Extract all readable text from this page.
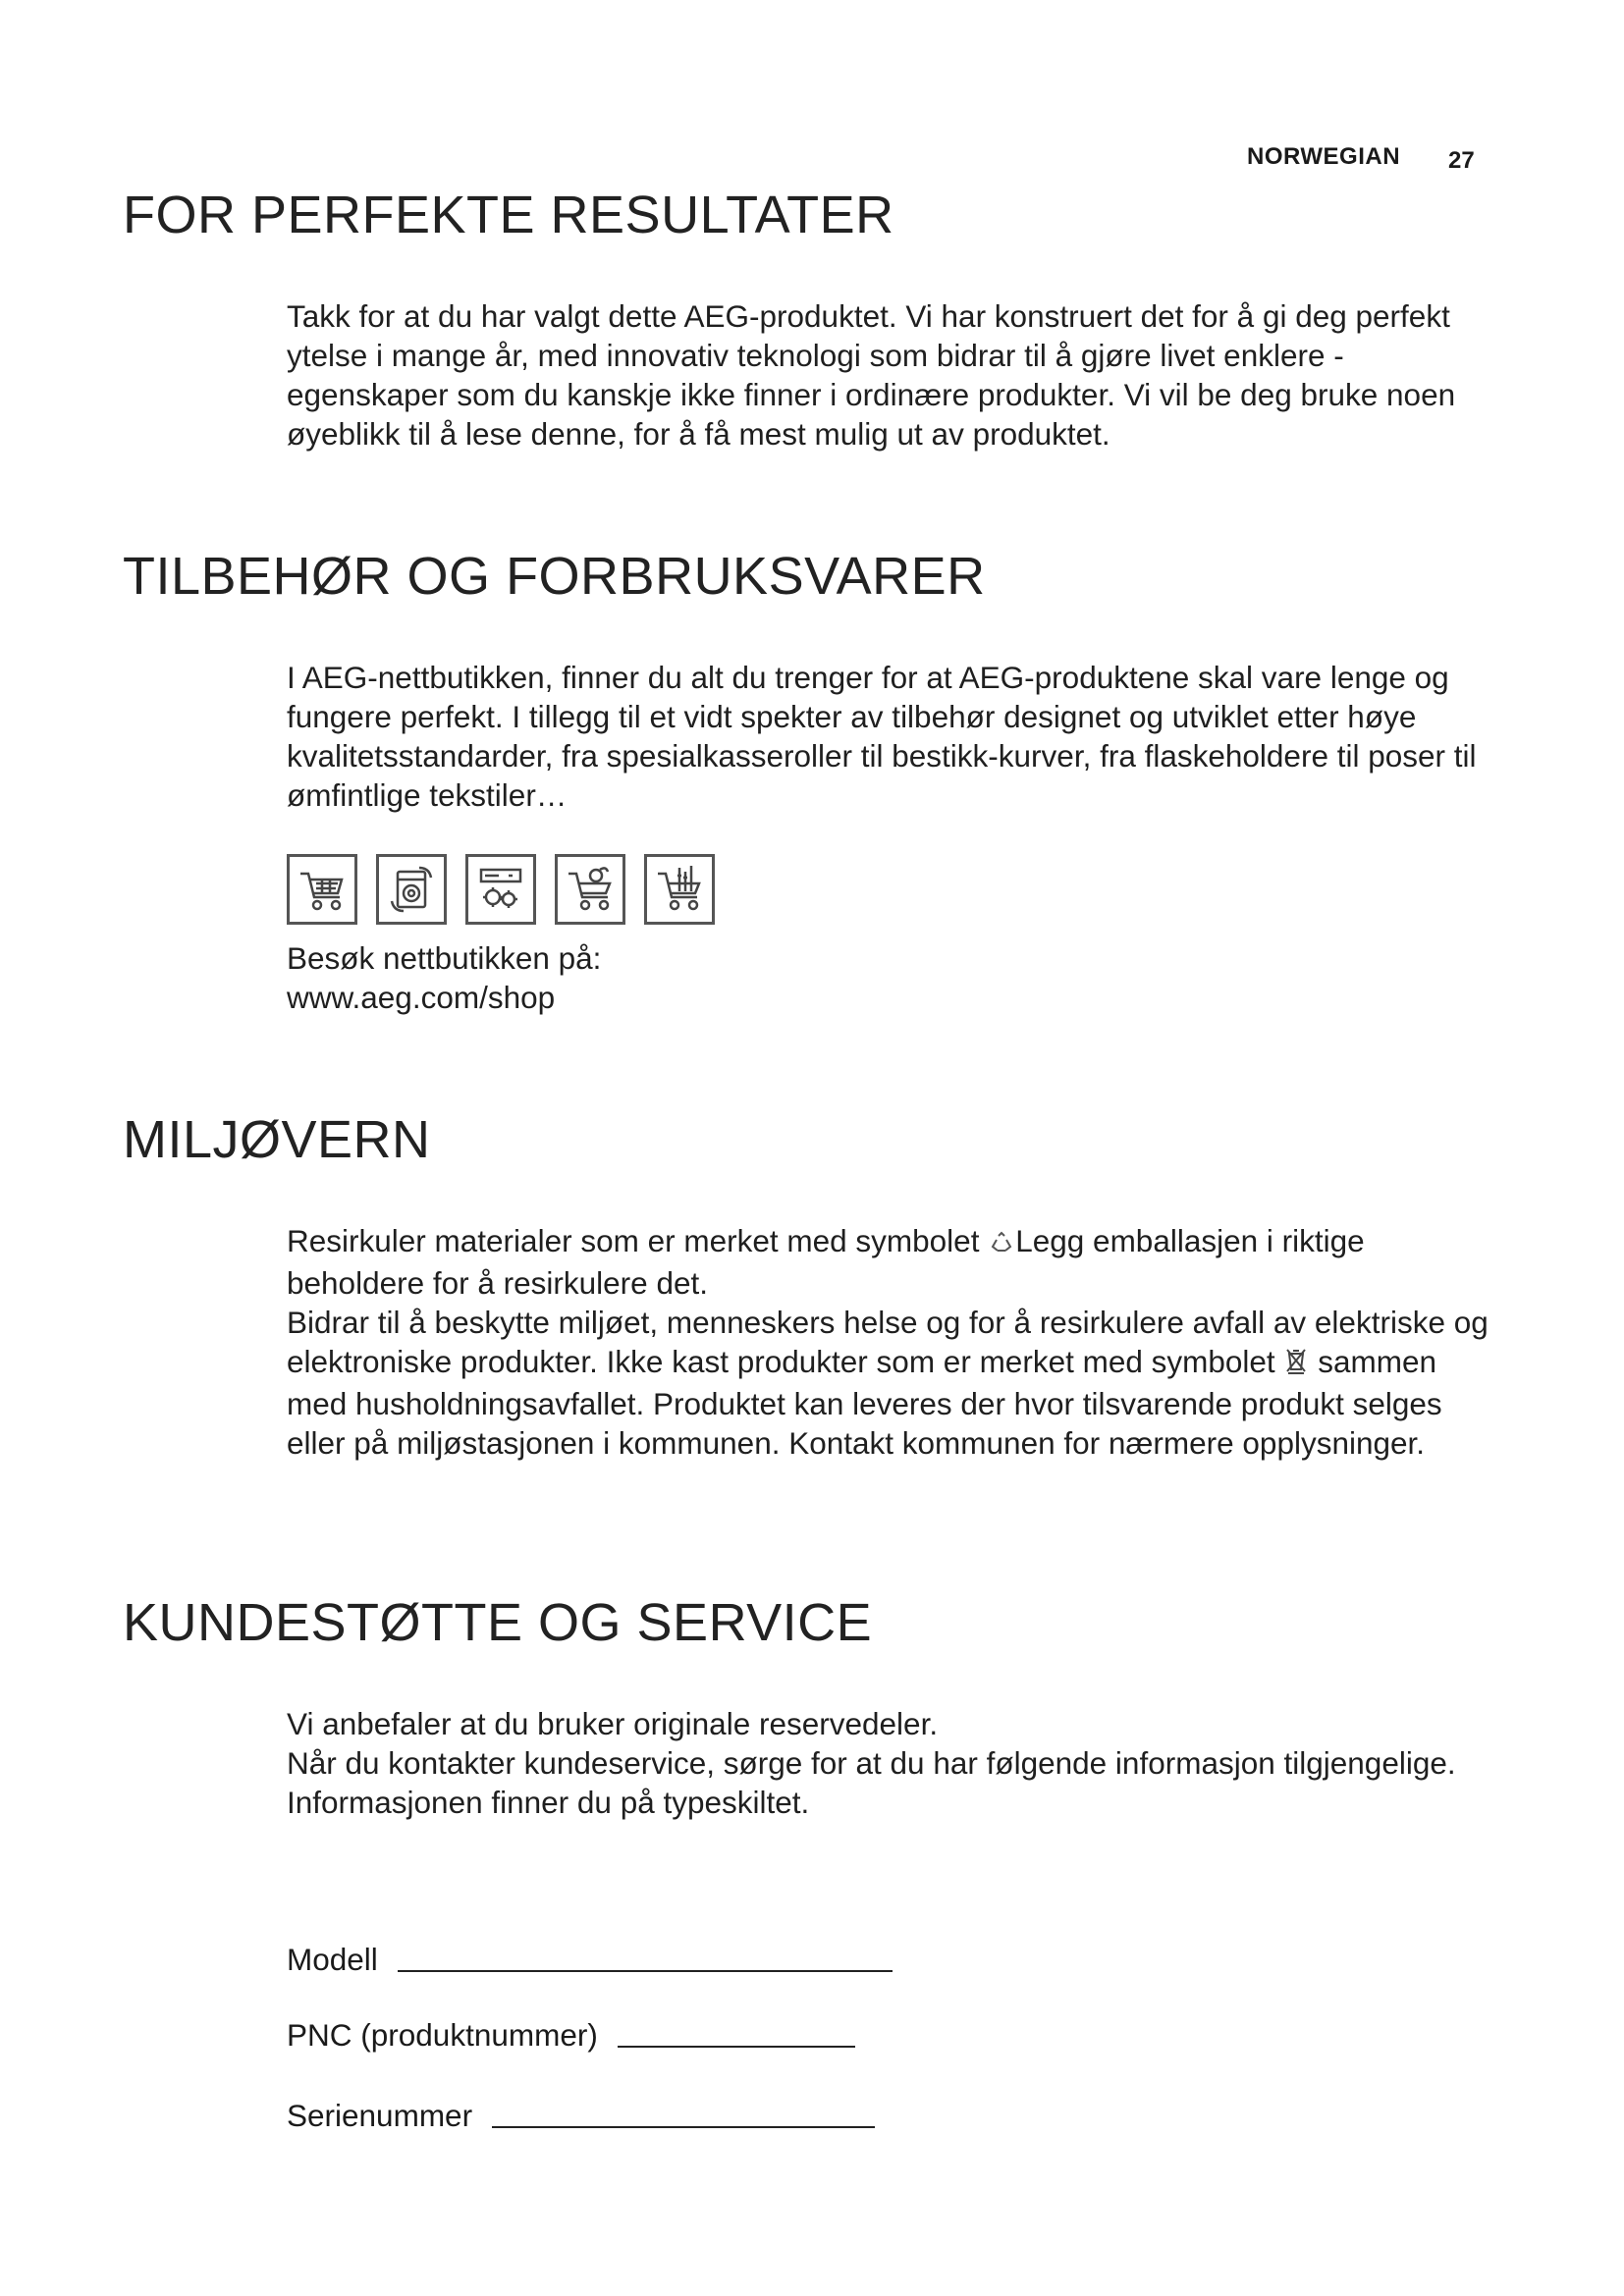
NORWEGIAN 27
FOR PERFEKTE RESULTATER

Takk for at du har valgt dette AEG-produktet. Vi har konstruert det for å gi deg perfekt ytelse i mange år, med innovativ teknologi som bidrar til å gjøre livet enklere - egenskaper som du kanskje ikke finner i ordinære produkter. Vi vil be deg bruke noen øyeblikk til å lese denne, for å få mest mulig ut av produktet.

TILBEHØR OG FORBRUKSVARER

I AEG-nettbutikken, finner du alt du trenger for at AEG-produktene skal vare lenge og fungere perfekt. I tillegg til et vidt spekter av tilbehør designet og utviklet etter høye kvalitetsstandarder, fra spesialkasseroller til bestikk-kurver, fra flaskeholdere til poser til ømfintlige tekstiler…

Besøk nettbutikken på:

www.aeg.com/shop

MILJØVERN

Resirkuler materialer som er merket med symbolet Legg emballasjen i riktige beholdere for å resirkulere det.

Bidrar til å beskytte miljøet, menneskers helse og for å resirkulere avfall av elektriske og elektroniske produkter. Ikke kast produkter som er merket med symbolet sammen med husholdningsavfallet. Produktet kan leveres der hvor tilsvarende produkt selges eller på miljøstasjonen i kommunen. Kontakt kommunen for nærmere opplysninger.

KUNDESTØTTE OG SERVICE

Vi anbefaler at du bruker originale reservedeler.

Når du kontakter kundeservice, sørge for at du har følgende informasjon tilgjengelige.

Informasjonen finner du på typeskiltet.

Modell
PNC (produktnummer)
Serienummer
